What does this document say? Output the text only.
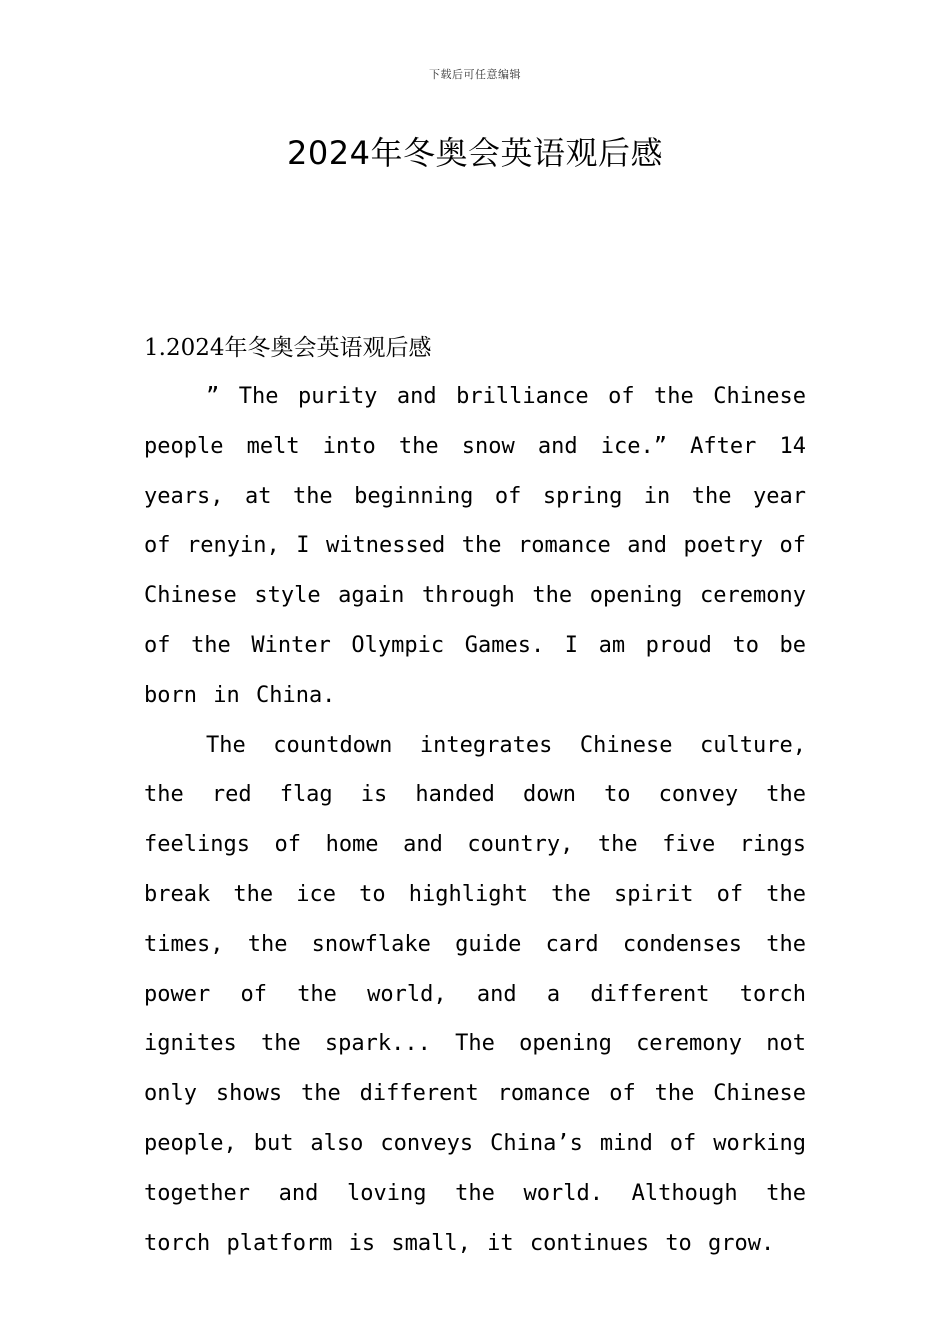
下载后可任意编辑
2024年冬奥会英语观后感
1.2024年冬奥会英语观后感

” The purity and brilliance of the Chinese people melt into the snow and ice.” After 14 years, at the beginning of spring in the year of renyin, I witnessed the romance and poetry of Chinese style again through the opening ceremony of the Winter Olympic Games. I am proud to be born in China.

The countdown integrates Chinese culture, the red flag is handed down to convey the feelings of home and country, the five rings break the ice to highlight the spirit of the times, the snowflake guide card condenses the power of the world, and a different torch ignites the spark... The opening ceremony not only shows the different romance of the Chinese people, but also conveys China’s mind of working together and loving the world. Although the torch platform is small, it continues to grow.
